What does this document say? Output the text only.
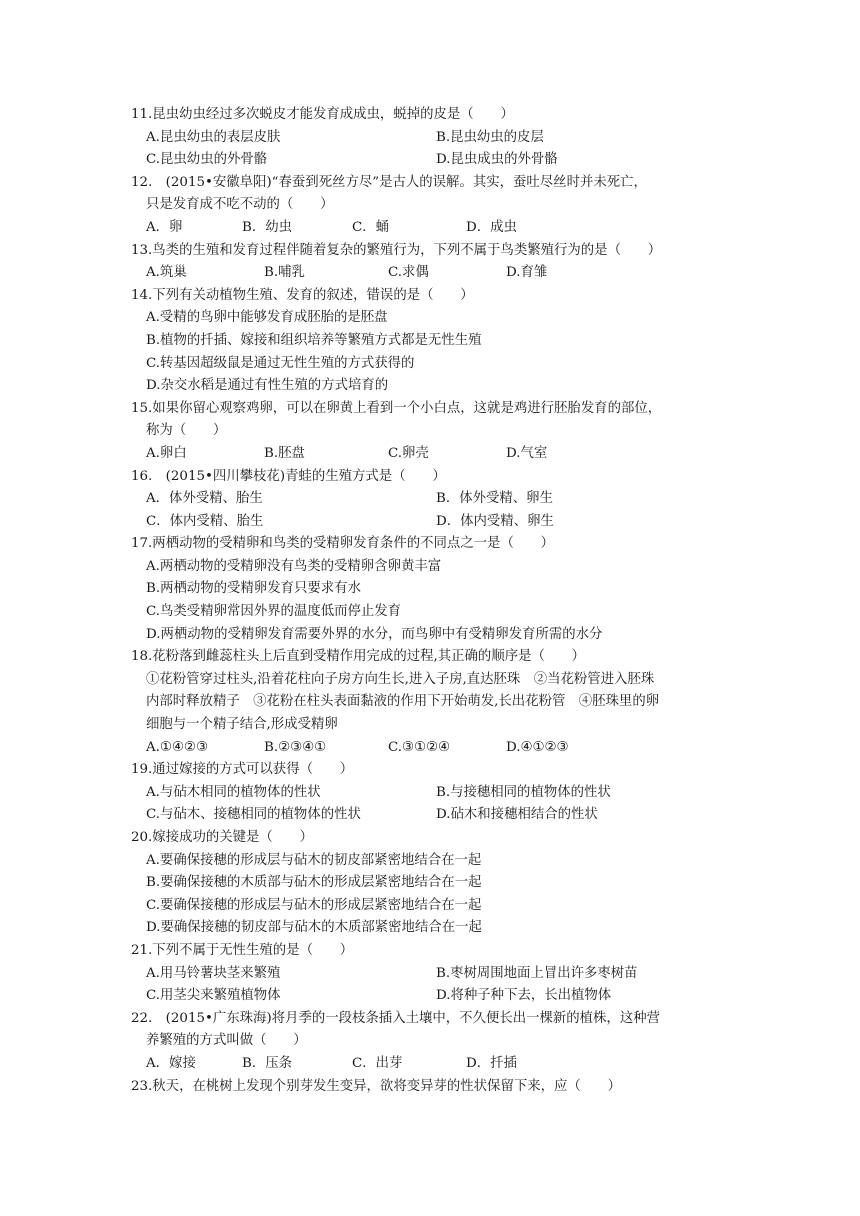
11.昆虫幼虫经过多次蜕皮才能发育成成虫，蜕掉的皮是（　　）
A.昆虫幼虫的表层皮肤	B.昆虫幼虫的皮层
C.昆虫幼虫的外骨骼	D.昆虫成虫的外骨骼
12.　(2015•安徽阜阳)“春蚕到死丝方尽”是古人的误解。其实，蚕吐尽丝时并未死亡，
只是发育成不吃不动的（　　）
A．卵	B．幼虫	C．蛹	D．成虫
13.鸟类的生殖和发育过程伴随着复杂的繁殖行为，下列不属于鸟类繁殖行为的是（　　）
A.筑巢	B.哺乳	C.求偶	D.育雏
14.下列有关动植物生殖、发育的叙述，错误的是（　　）
A.受精的鸟卵中能够发育成胚胎的是胚盘
B.植物的扦插、嫁接和组织培养等繁殖方式都是无性生殖
C.转基因超级鼠是通过无性生殖的方式获得的
D.杂交水稻是通过有性生殖的方式培育的
15.如果你留心观察鸡卵，可以在卵黄上看到一个小白点，这就是鸡进行胚胎发育的部位，
称为（　　）
A.卵白	B.胚盘	C.卵壳	D.气室
16.　(2015•四川攀枝花)青蛙的生殖方式是（　　）
A．体外受精、胎生	B．体外受精、卵生
C．体内受精、胎生	D．体内受精、卵生
17.两栖动物的受精卵和鸟类的受精卵发育条件的不同点之一是（　　）
A.两栖动物的受精卵没有鸟类的受精卵含卵黄丰富
B.两栖动物的受精卵发育只要求有水
C.鸟类受精卵常因外界的温度低而停止发育
D.两栖动物的受精卵发育需要外界的水分，而鸟卵中有受精卵发育所需的水分
18.花粉落到雌蕊柱头上后直到受精作用完成的过程,其正确的顺序是（　　）
①花粉管穿过柱头,沿着花柱向子房方向生长,进入子房,直达胚珠　②当花粉管进入胚珠
内部时释放精子　③花粉在柱头表面黏液的作用下开始萌发,长出花粉管　④胚珠里的卵
细胞与一个精子结合,形成受精卵
A.①④②③	B.②③④①	C.③①②④	D.④①②③
19.通过嫁接的方式可以获得（　　）
A.与砧木相同的植物体的性状	B.与接穗相同的植物体的性状
C.与砧木、接穗相同的植物体的性状	D.砧木和接穗相结合的性状
20.嫁接成功的关键是（　　）
A.要确保接穗的形成层与砧木的韧皮部紧密地结合在一起
B.要确保接穗的木质部与砧木的形成层紧密地结合在一起
C.要确保接穗的形成层与砧木的形成层紧密地结合在一起
D.要确保接穗的韧皮部与砧木的木质部紧密地结合在一起
21.下列不属于无性生殖的是（　　）
A.用马铃薯块茎来繁殖	B.枣树周围地面上冒出许多枣树苗
C.用茎尖来繁殖植物体	D.将种子种下去，长出植物体
22.　(2015•广东珠海)将月季的一段枝条插入土壤中，不久便长出一棵新的植株，这种营
养繁殖的方式叫做（　　）
A．嫁接	B．压条	C．出芽	D．扦插
23.秋天，在桃树上发现个别芽发生变异，欲将变异芽的性状保留下来，应（　　）
